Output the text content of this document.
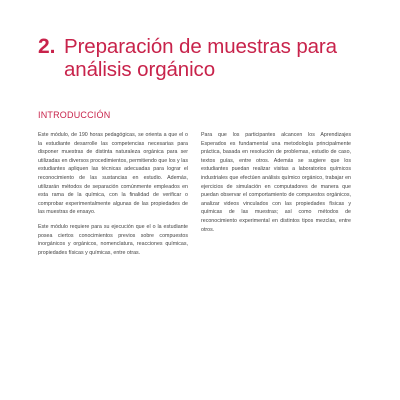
2. Preparación de muestras para análisis orgánico
INTRODUCCIÓN

Este módulo, de 190 horas pedagógicas, se orienta a que el o la estudiante desarrolle las competencias necesarias para disponer muestras de distinta naturaleza orgánica para ser utilizadas en diversos procedimientos, permitiendo que los y las estudiantes apliquen las técnicas adecuadas para lograr el reconocimiento de las sustancias en estudio. Además, utilizarán métodos de separación comúnmente empleados en esta rama de la química, con la finalidad de verificar o comprobar experimentalmente algunas de las propiedades de las muestras de ensayo.

Este módulo requiere para su ejecución que el o la estudiante posea ciertos conocimientos previos sobre compuestos inorgánicos y orgánicos, nomenclatura, reacciones químicas, propiedades físicas y químicas, entre otras.

Para que los participantes alcancen los Aprendizajes Esperados es fundamental una metodología principalmente práctica, basada en resolución de problemas, estudio de caso, textos guías, entre otros. Además se sugiere que los estudiantes puedan realizar visitas a laboratorios químicos industriales que efectúen análisis químico orgánico, trabajar en ejercicios de simulación en computadores de manera que puedan observar el comportamiento de compuestos orgánicos, analizar videos vinculados con las propiedades físicas y químicas de las muestras; así como métodos de reconocimiento experimental en distintos tipos mezclas, entre otros.
